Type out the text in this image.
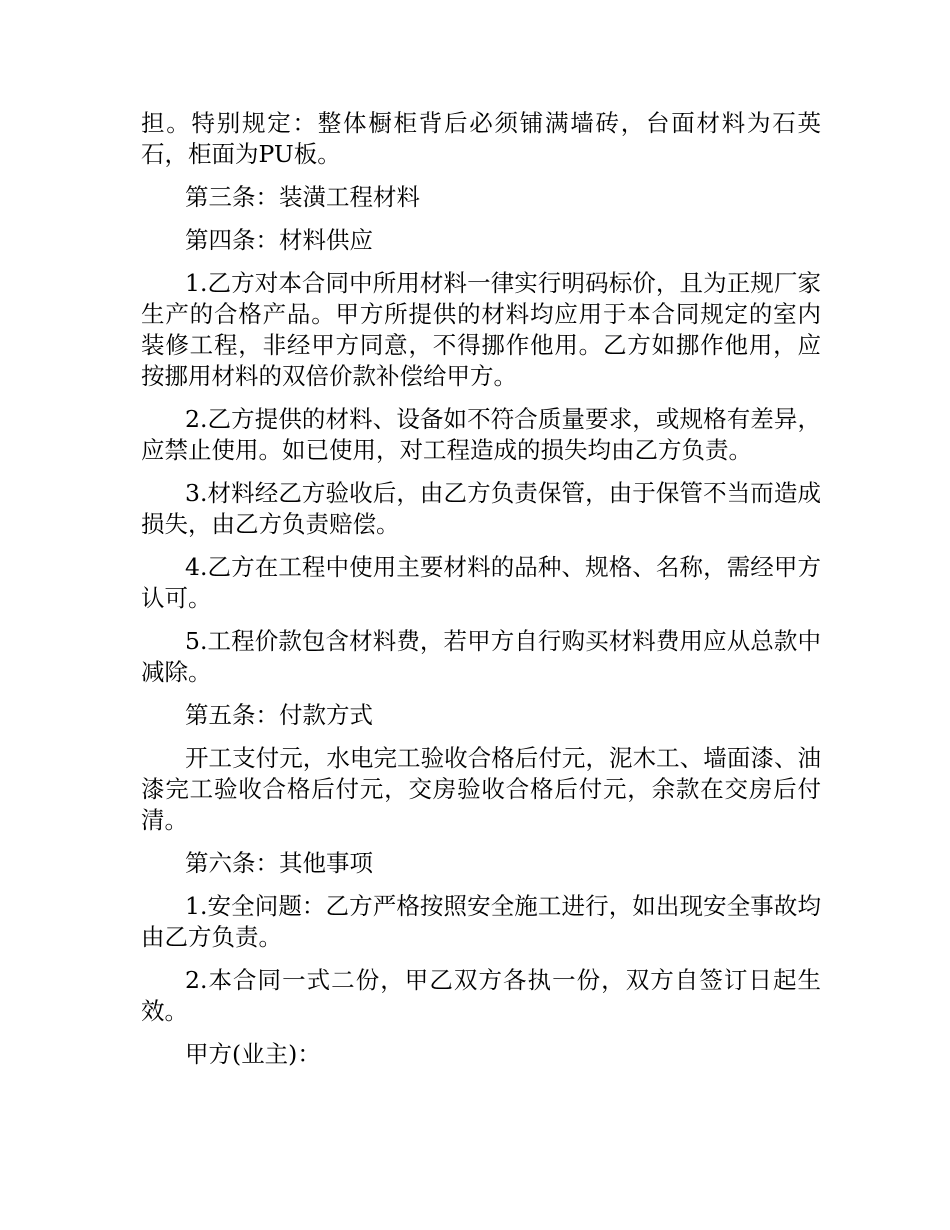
担。特别规定：整体橱柜背后必须铺满墙砖，台面材料为石英石，柜面为PU板。

第三条：装潢工程材料

第四条：材料供应

1.乙方对本合同中所用材料一律实行明码标价，且为正规厂家生产的合格产品。甲方所提供的材料均应用于本合同规定的室内装修工程，非经甲方同意，不得挪作他用。乙方如挪作他用，应按挪用材料的双倍价款补偿给甲方。

2.乙方提供的材料、设备如不符合质量要求，或规格有差异，应禁止使用。如已使用，对工程造成的损失均由乙方负责。

3.材料经乙方验收后，由乙方负责保管，由于保管不当而造成损失，由乙方负责赔偿。

4.乙方在工程中使用主要材料的品种、规格、名称，需经甲方认可。

5.工程价款包含材料费，若甲方自行购买材料费用应从总款中减除。

第五条：付款方式

开工支付元，水电完工验收合格后付元，泥木工、墙面漆、油漆完工验收合格后付元，交房验收合格后付元，余款在交房后付清。

第六条：其他事项

1.安全问题：乙方严格按照安全施工进行，如出现安全事故均由乙方负责。

2.本合同一式二份，甲乙双方各执一份，双方自签订日起生效。

甲方(业主)：
